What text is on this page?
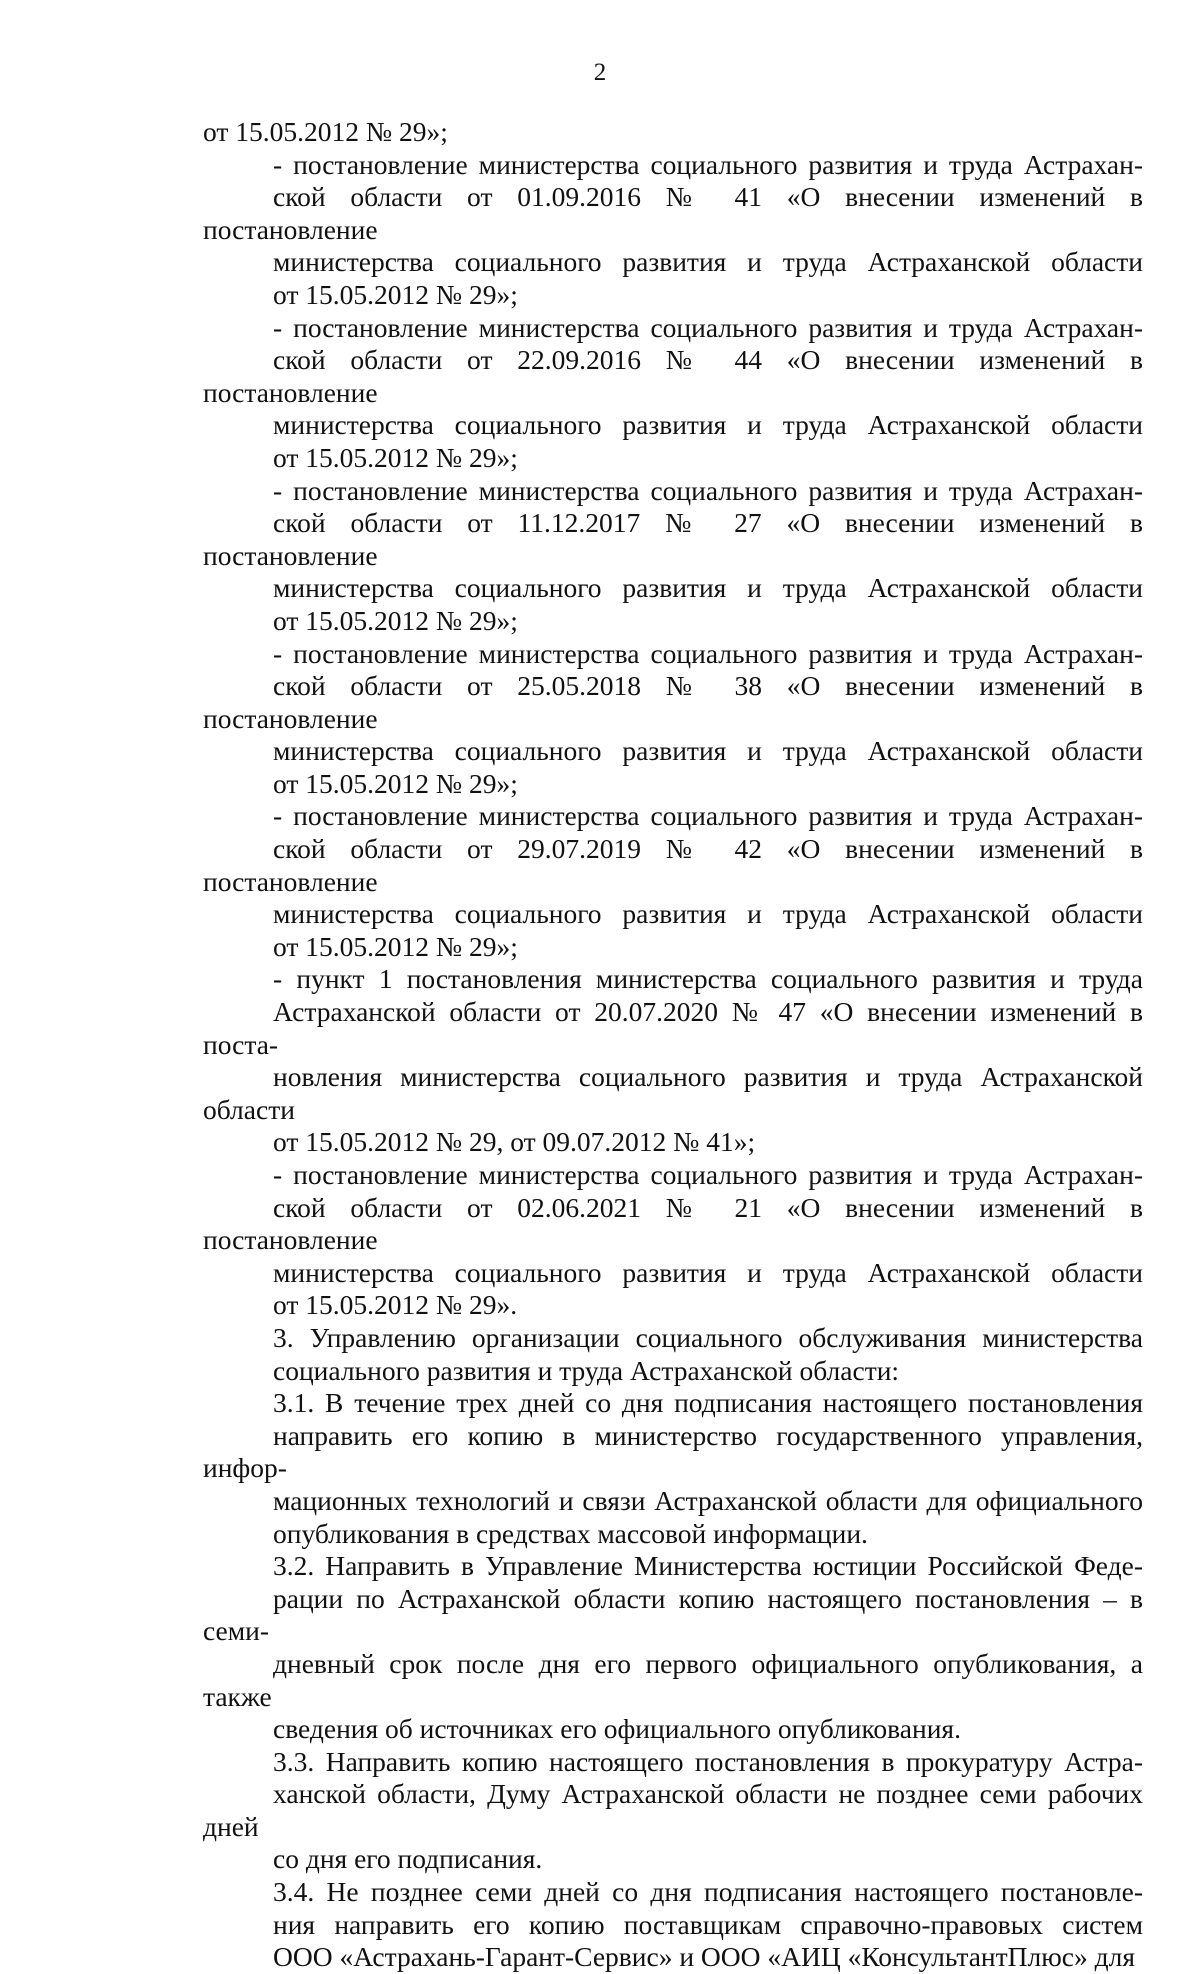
2

от 15.05.2012 № 29»;

- постановление министерства социального развития и труда Астрахан-
ской области от 01.09.2016 № 41 «О внесении изменений в постановление
министерства социального развития и труда Астраханской области
от 15.05.2012 № 29»;

- постановление министерства социального развития и труда Астрахан-
ской области от 22.09.2016 № 44 «О внесении изменений в постановление
министерства социального развития и труда Астраханской области
от 15.05.2012 № 29»;

- постановление министерства социального развития и труда Астрахан-
ской области от 11.12.2017 № 27 «О внесении изменений в постановление
министерства социального развития и труда Астраханской области
от 15.05.2012 № 29»;

- постановление министерства социального развития и труда Астрахан-
ской области от 25.05.2018 № 38 «О внесении изменений в постановление
министерства социального развития и труда Астраханской области
от 15.05.2012 № 29»;

- постановление министерства социального развития и труда Астрахан-
ской области от 29.07.2019 № 42 «О внесении изменений в постановление
министерства социального развития и труда Астраханской области
от 15.05.2012 № 29»;

- пункт 1 постановления министерства социального развития и труда
Астраханской области от 20.07.2020 № 47 «О внесении изменений в поста-
новления министерства социального развития и труда Астраханской области
от 15.05.2012 № 29, от 09.07.2012 № 41»;

- постановление министерства социального развития и труда Астрахан-
ской области от 02.06.2021 № 21 «О внесении изменений в постановление
министерства социального развития и труда Астраханской области
от 15.05.2012 № 29».

3. Управлению организации социального обслуживания министерства
социального развития и труда Астраханской области:

3.1. В течение трех дней со дня подписания настоящего постановления
направить его копию в министерство государственного управления, инфор-
мационных технологий и связи Астраханской области для официального
опубликования в средствах массовой информации.

3.2. Направить в Управление Министерства юстиции Российской Феде-
рации по Астраханской области копию настоящего постановления – в семи-
дневный срок после дня его первого официального опубликования, а также
сведения об источниках его официального опубликования.

3.3. Направить копию настоящего постановления в прокуратуру Астра-
ханской области, Думу Астраханской области не позднее семи рабочих дней
со дня его подписания.

3.4. Не позднее семи дней со дня подписания настоящего постановле-
ния направить его копию поставщикам справочно-правовых систем
ООО «Астрахань-Гарант-Сервис» и ООО «АИЦ «КонсультантПлюс» для
